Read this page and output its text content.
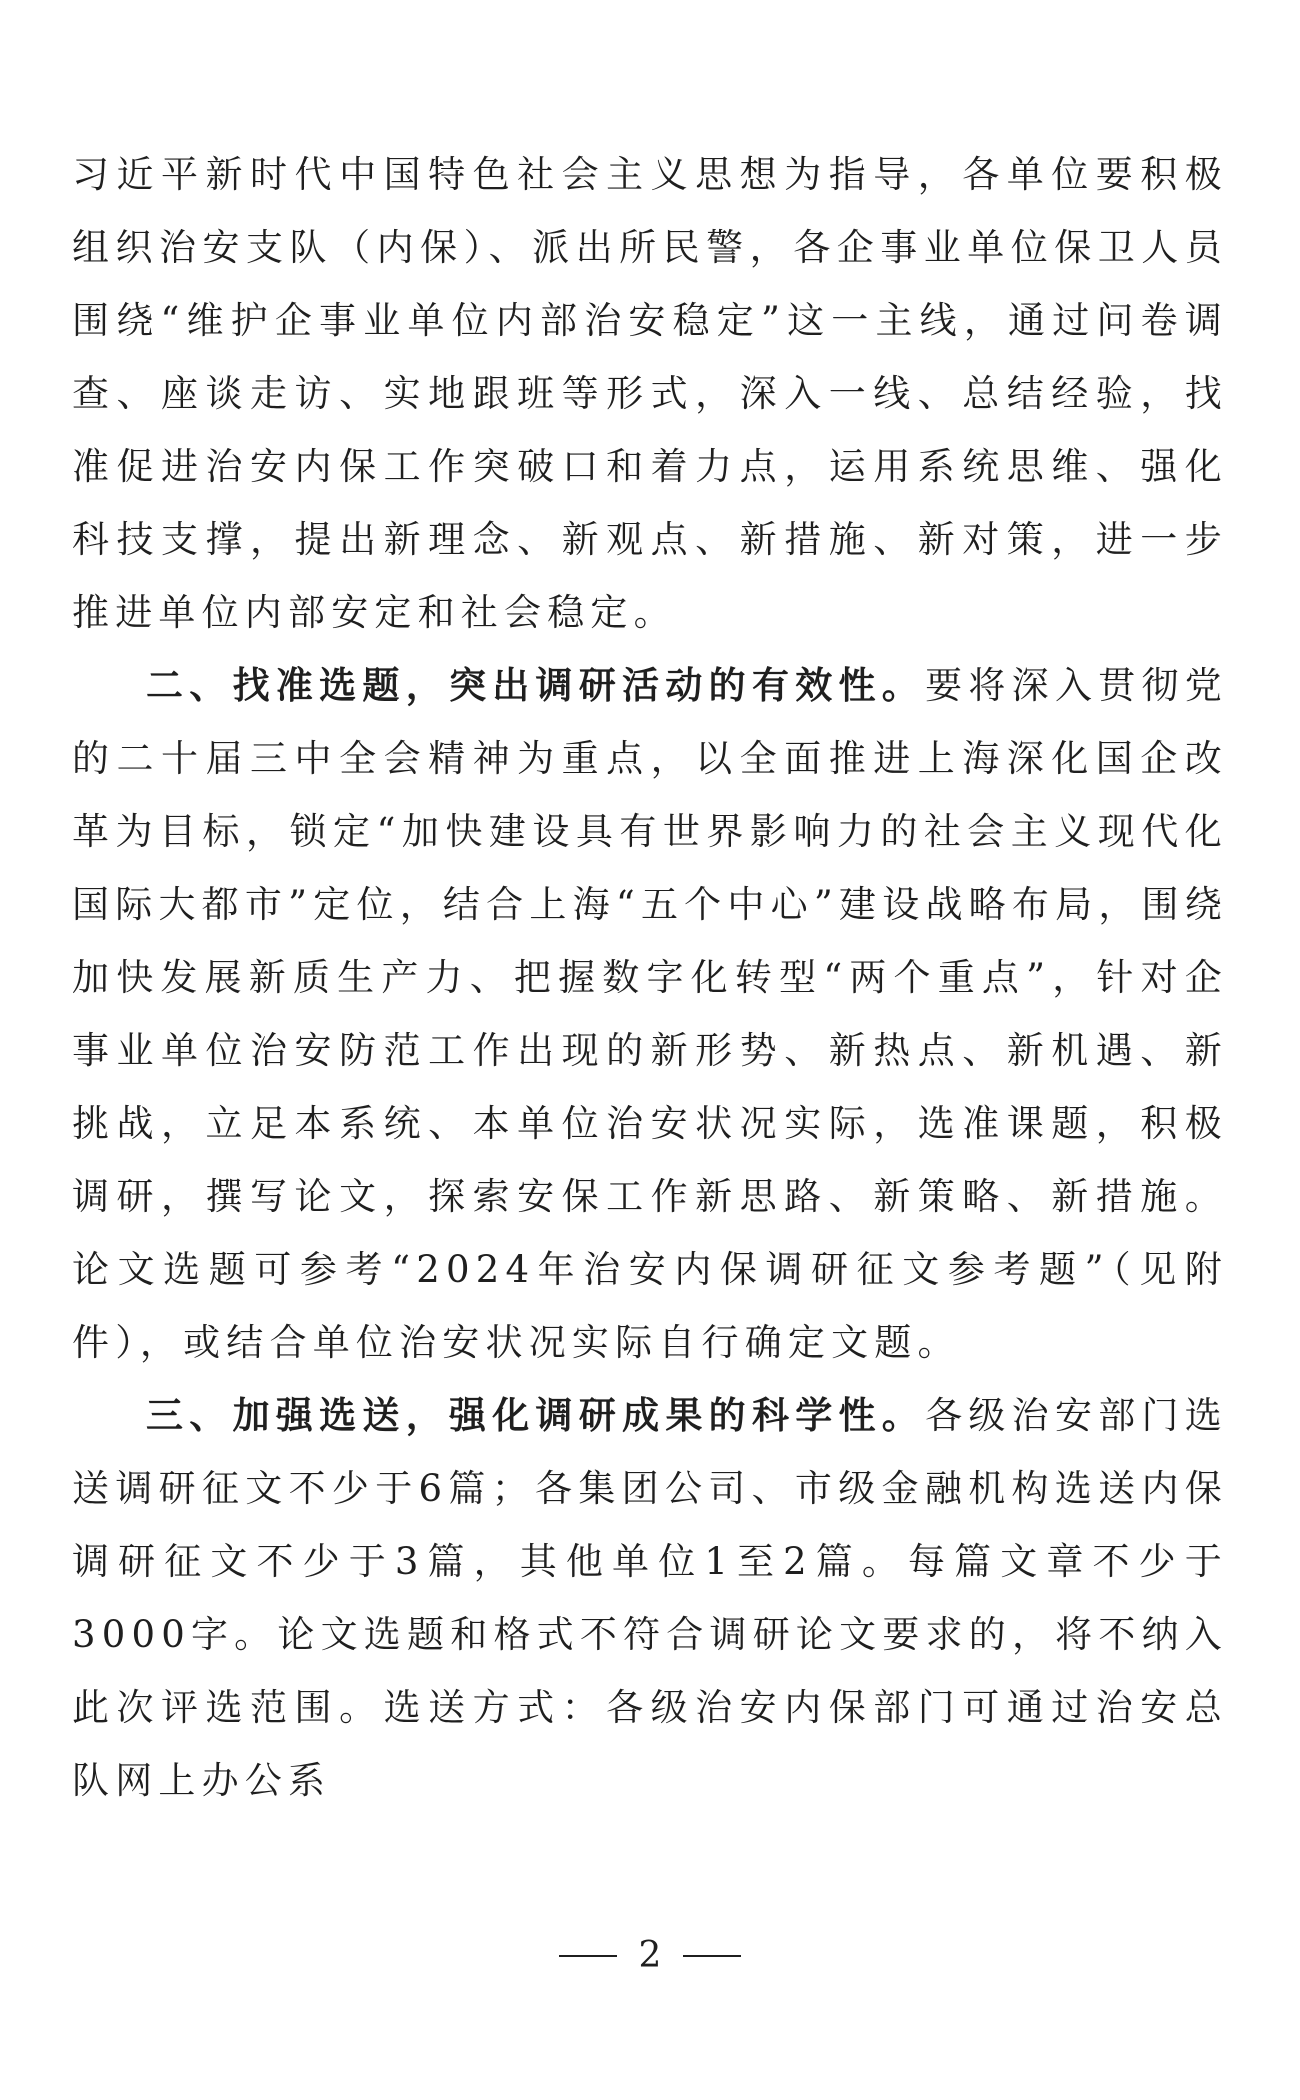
习近平新时代中国特色社会主义思想为指导，各单位要积极组织治安支队（内保）、派出所民警，各企事业单位保卫人员围绕“维护企事业单位内部治安稳定”这一主线，通过问卷调查、座谈走访、实地跟班等形式，深入一线、总结经验，找准促进治安内保工作突破口和着力点，运用系统思维、强化科技支撑，提出新理念、新观点、新措施、新对策，进一步推进单位内部安定和社会稳定。

二、找准选题，突出调研活动的有效性。要将深入贯彻党的二十届三中全会精神为重点，以全面推进上海深化国企改革为目标，锁定“加快建设具有世界影响力的社会主义现代化国际大都市”定位，结合上海“五个中心”建设战略布局，围绕加快发展新质生产力、把握数字化转型“两个重点”，针对企事业单位治安防范工作出现的新形势、新热点、新机遇、新挑战，立足本系统、本单位治安状况实际，选准课题，积极调研，撰写论文，探索安保工作新思路、新策略、新措施。论文选题可参考“2024年治安内保调研征文参考题”（见附件），或结合单位治安状况实际自行确定文题。

三、加强选送，强化调研成果的科学性。各级治安部门选送调研征文不少于6篇；各集团公司、市级金融机构选送内保调研征文不少于3篇，其他单位1至2篇。每篇文章不少于3000字。论文选题和格式不符合调研论文要求的，将不纳入此次评选范围。选送方式：各级治安内保部门可通过治安总队网上办公系

2
